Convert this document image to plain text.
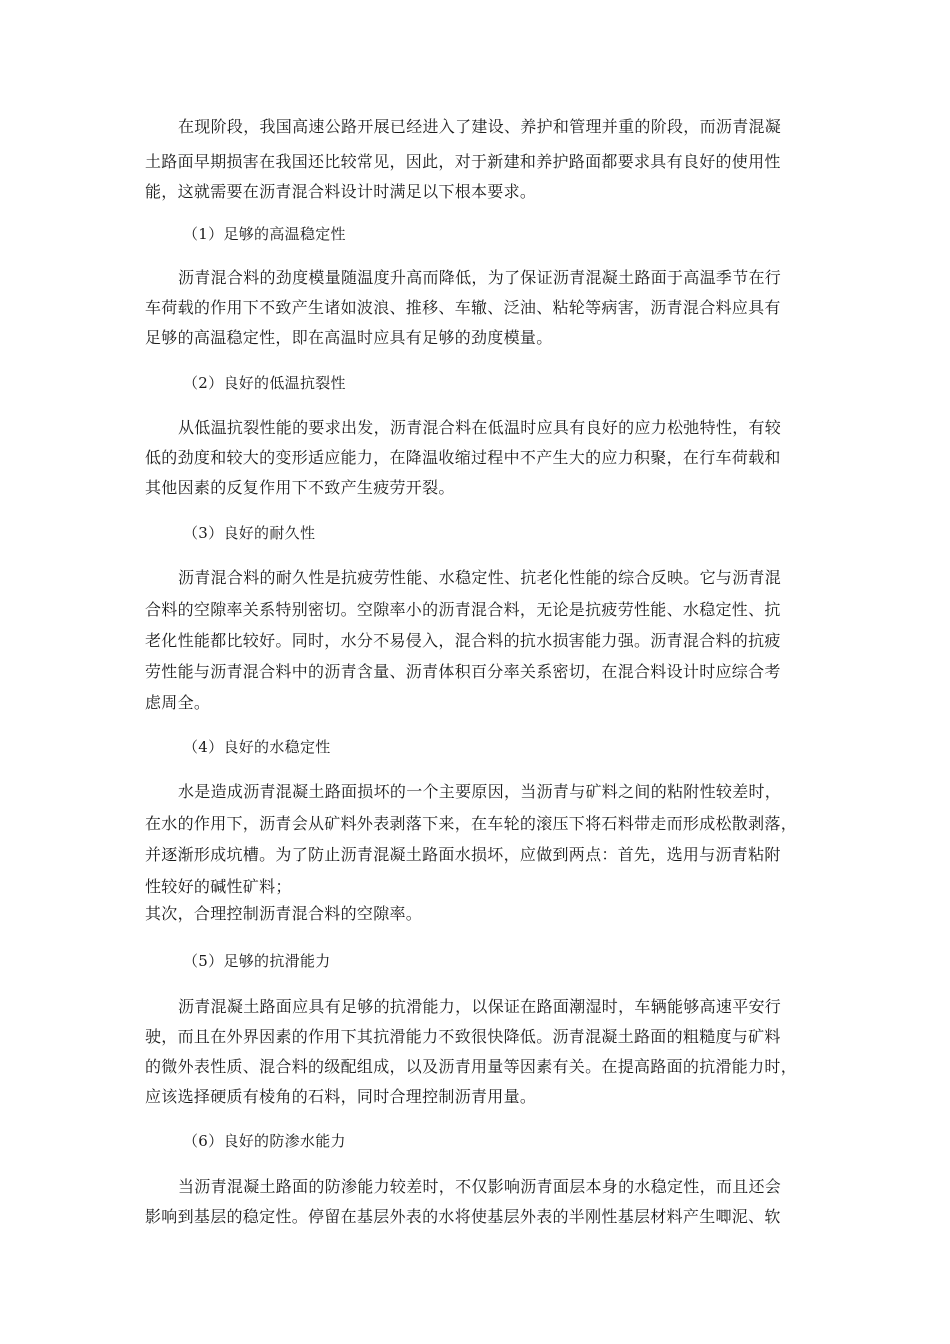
在现阶段，我国高速公路开展已经进入了建设、养护和管理并重的阶段，而沥青混凝
土路面早期损害在我国还比较常见，因此，对于新建和养护路面都要求具有良好的使用性
能，这就需要在沥青混合料设计时满足以下根本要求。
（1）足够的高温稳定性
沥青混合料的劲度模量随温度升高而降低，为了保证沥青混凝土路面于高温季节在行
车荷载的作用下不致产生诸如波浪、推移、车辙、泛油、粘轮等病害，沥青混合料应具有
足够的高温稳定性，即在高温时应具有足够的劲度模量。
（2）良好的低温抗裂性
从低温抗裂性能的要求出发，沥青混合料在低温时应具有良好的应力松弛特性，有较
低的劲度和较大的变形适应能力，在降温收缩过程中不产生大的应力积聚，在行车荷载和
其他因素的反复作用下不致产生疲劳开裂。
（3）良好的耐久性
沥青混合料的耐久性是抗疲劳性能、水稳定性、抗老化性能的综合反映。它与沥青混
合料的空隙率关系特别密切。空隙率小的沥青混合料，无论是抗疲劳性能、水稳定性、抗
老化性能都比较好。同时，水分不易侵入，混合料的抗水损害能力强。沥青混合料的抗疲
劳性能与沥青混合料中的沥青含量、沥青体积百分率关系密切，在混合料设计时应综合考
虑周全。
（4）良好的水稳定性
水是造成沥青混凝土路面损坏的一个主要原因，当沥青与矿料之间的粘附性较差时，
在水的作用下，沥青会从矿料外表剥落下来，在车轮的滚压下将石料带走而形成松散剥落，
并逐渐形成坑槽。为了防止沥青混凝土路面水损坏，应做到两点：首先，选用与沥青粘附
性较好的碱性矿料；
其次，合理控制沥青混合料的空隙率。
（5）足够的抗滑能力
沥青混凝土路面应具有足够的抗滑能力，以保证在路面潮湿时，车辆能够高速平安行
驶，而且在外界因素的作用下其抗滑能力不致很快降低。沥青混凝土路面的粗糙度与矿料
的微外表性质、混合料的级配组成，以及沥青用量等因素有关。在提高路面的抗滑能力时，
应该选择硬质有棱角的石料，同时合理控制沥青用量。
（6）良好的防渗水能力
当沥青混凝土路面的防渗能力较差时，不仅影响沥青面层本身的水稳定性，而且还会
影响到基层的稳定性。停留在基层外表的水将使基层外表的半刚性基层材料产生唧泥、软
